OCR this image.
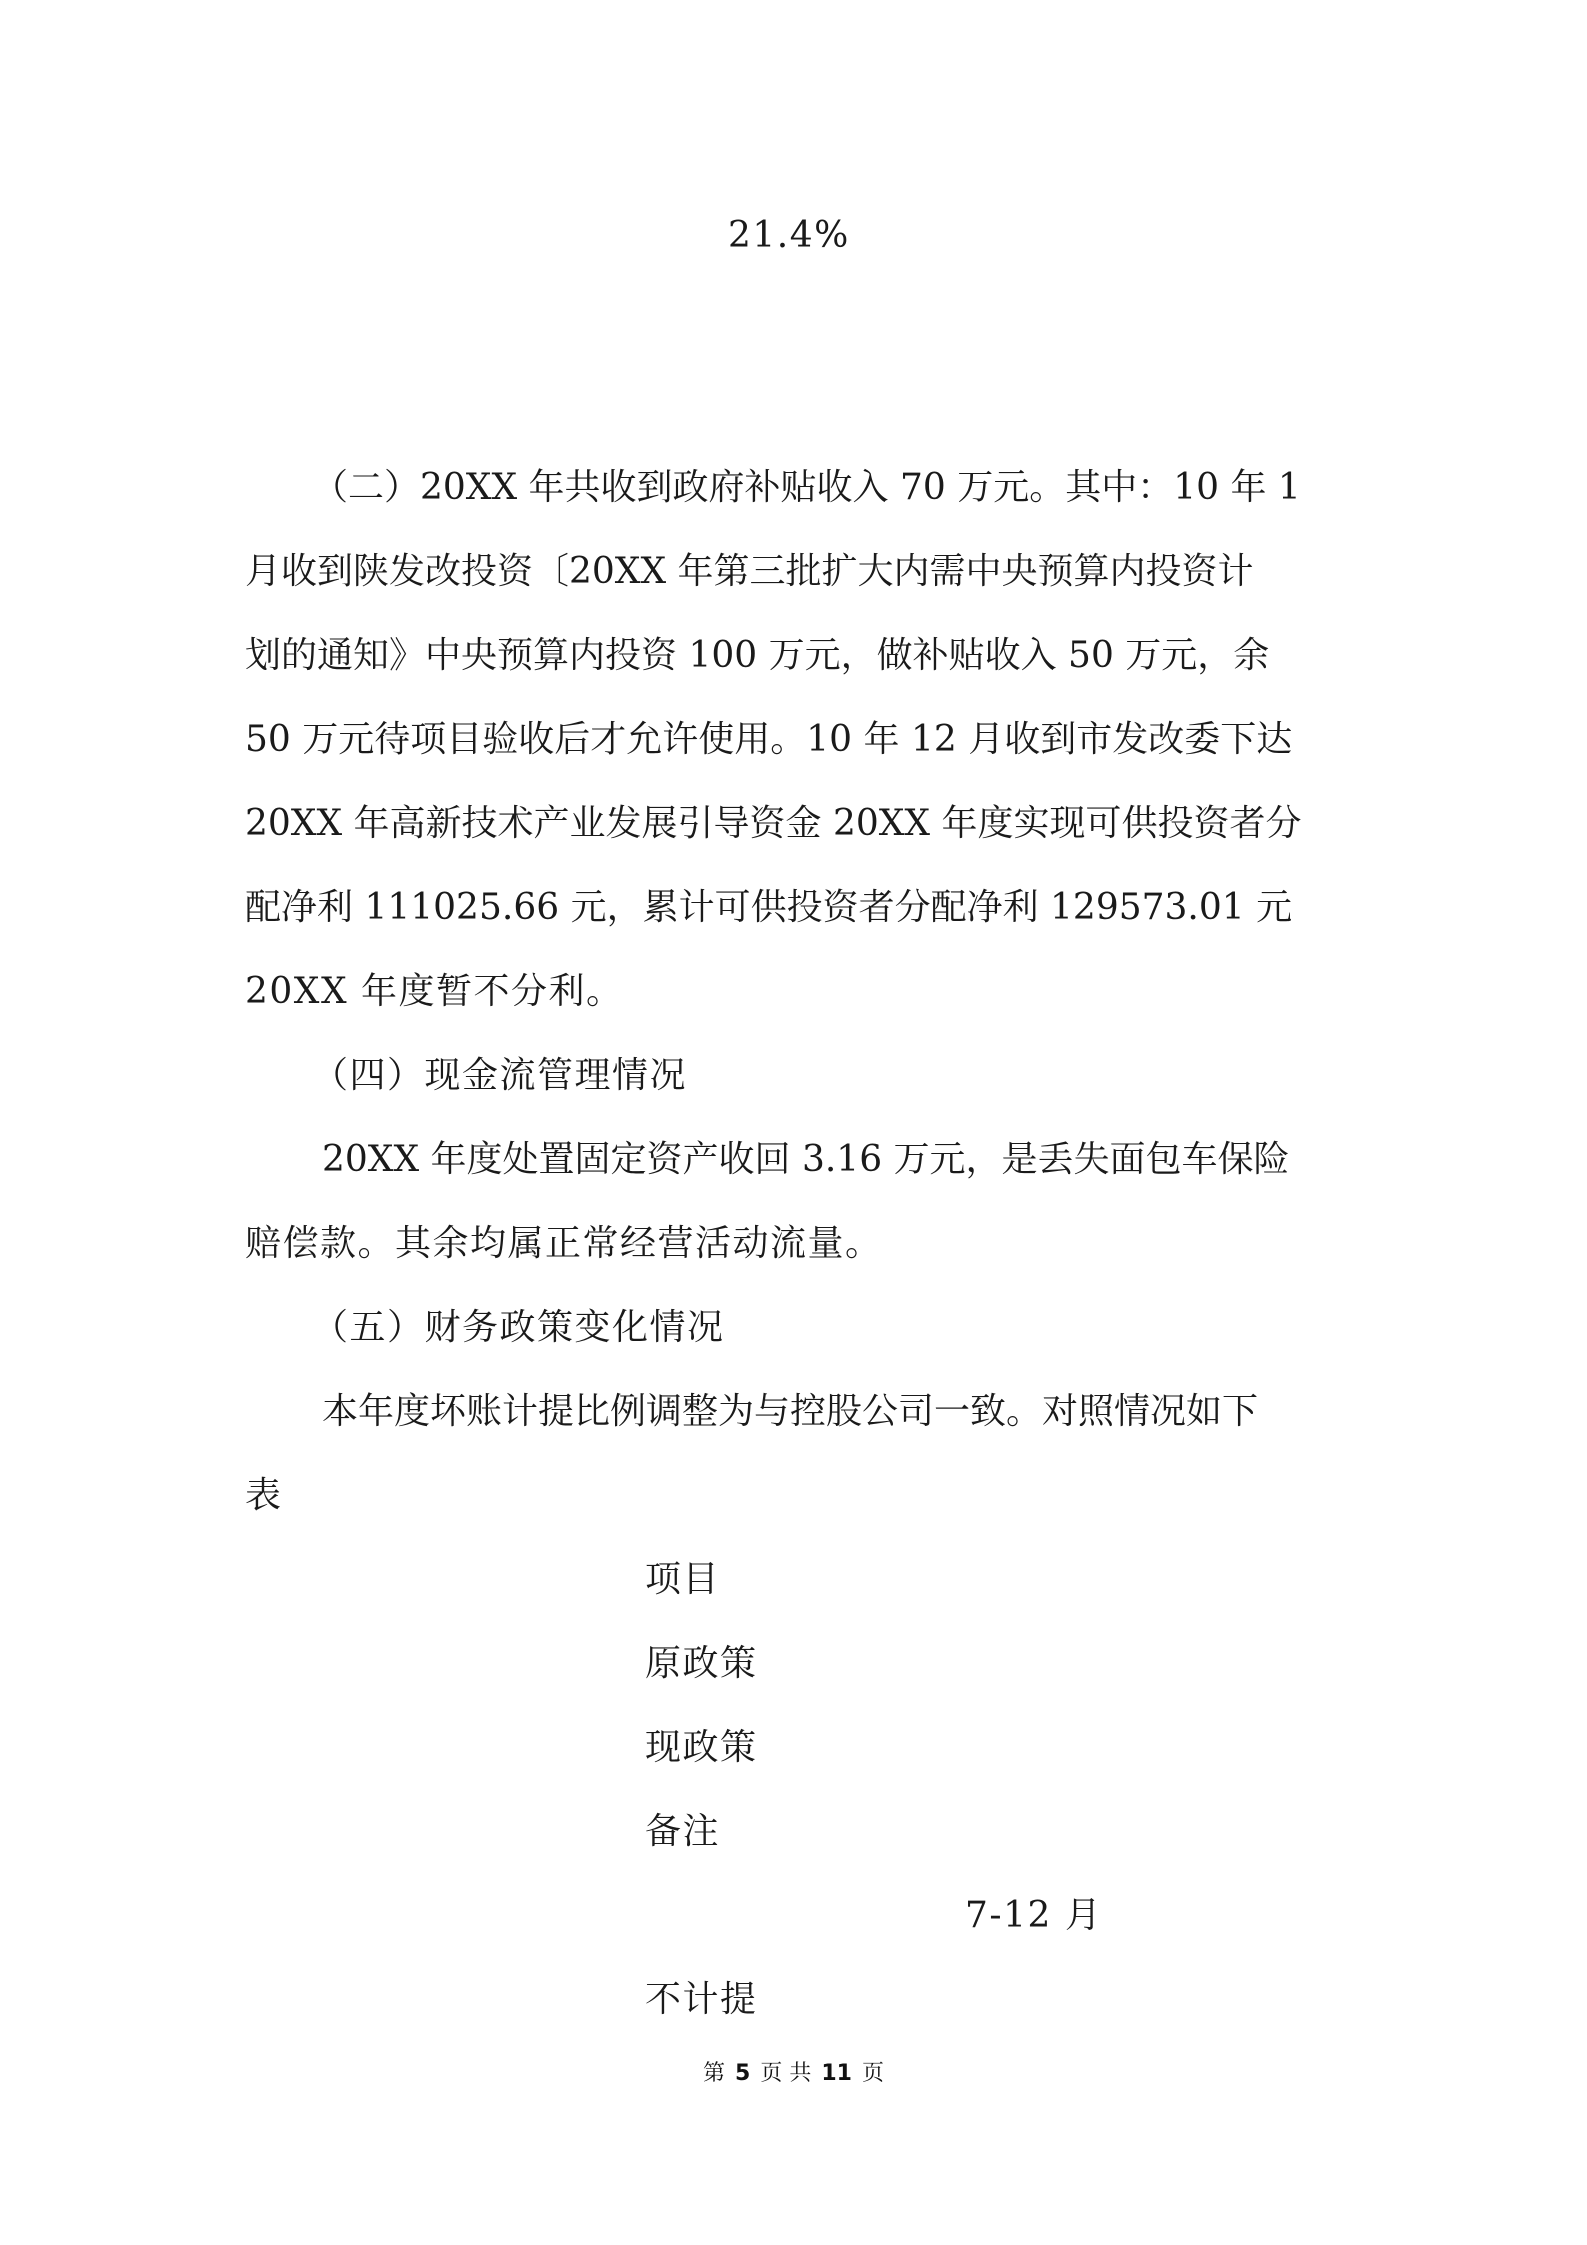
21.4%
（二）20XX 年共收到政府补贴收入 70 万元。其中：10 年 1
月收到陕发改投资〔20XX 年第三批扩大内需中央预算内投资计
划的通知》中央预算内投资 100 万元，做补贴收入 50 万元，余
50 万元待项目验收后才允许使用。10 年 12 月收到市发改委下达
20XX 年高新技术产业发展引导资金 20XX 年度实现可供投资者分
配净利 111025.66 元，累计可供投资者分配净利 129573.01 元
20XX 年度暂不分利。
（四）现金流管理情况
20XX 年度处置固定资产收回 3.16 万元，是丢失面包车保险
赔偿款。其余均属正常经营活动流量。
（五）财务政策变化情况
本年度坏账计提比例调整为与控股公司一致。对照情况如下
表
项目
原政策
现政策
备注
7-12 月
不计提
第 5 页 共 11 页
